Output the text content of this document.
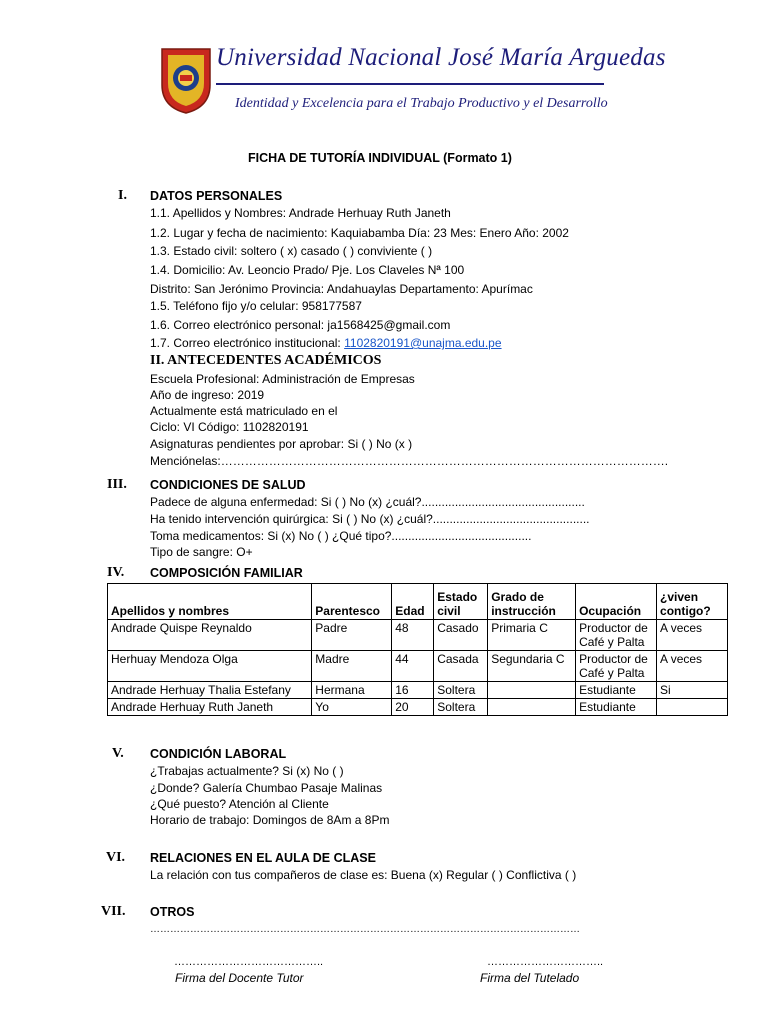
Universidad Nacional José María Arguedas
Identidad y Excelencia para el Trabajo Productivo y el Desarrollo
FICHA DE TUTORÍA INDIVIDUAL (Formato 1)
I. DATOS PERSONALES
1.1. Apellidos y Nombres: Andrade Herhuay Ruth Janeth
1.2. Lugar y fecha de nacimiento: Kaquiabamba Día: 23 Mes: Enero Año: 2002
1.3. Estado civil: soltero ( x) casado ( ) conviviente ( )
1.4. Domicilio: Av. Leoncio Prado/ Pje. Los Claveles Nª 100
Distrito: San Jerónimo Provincia: Andahuaylas Departamento: Apurímac
1.5. Teléfono fijo y/o celular: 958177587
1.6. Correo electrónico personal: ja1568425@gmail.com
1.7. Correo electrónico institucional: 1102820191@unajma.edu.pe
II. ANTECEDENTES ACADÉMICOS
Escuela Profesional: Administración de Empresas
Año de ingreso: 2019
Actualmente está matriculado en el
Ciclo: VI Código: 1102820191
Asignaturas pendientes por aprobar: Si ( ) No (x )
Menciónelas:………………………………………………………………………………………………….
III. CONDICIONES DE SALUD
Padece de alguna enfermedad: Si ( ) No (x) ¿cuál?.................................................
Ha tenido intervención quirúrgica: Si ( ) No (x) ¿cuál?...............................................
Toma medicamentos: Si (x) No ( ) ¿Qué tipo?..........................................
Tipo de sangre: O+
IV. COMPOSICIÓN FAMILIAR
Apellidos y nombres	Parentesco	Edad	Estado civil	Grado de instrucción	Ocupación	¿viven contigo?
Andrade Quispe Reynaldo	Padre	48	Casado	Primaria C	Productor de Café y Palta	A veces
Herhuay Mendoza Olga	Madre	44	Casada	Segundaria C	Productor de Café y Palta	A veces
Andrade Herhuay Thalia Estefany	Hermana	16	Soltera		Estudiante	Si
Andrade Herhuay Ruth Janeth	Yo	20	Soltera		Estudiante	
V. CONDICIÓN LABORAL
¿Trabajas actualmente? Si (x) No ( )
¿Donde? Galería Chumbao Pasaje Malinas
¿Qué puesto? Atención al Cliente
Horario de trabajo: Domingos de 8Am a 8Pm
VI. RELACIONES EN EL AULA DE CLASE
La relación con tus compañeros de clase es: Buena (x) Regular ( ) Conflictiva ( )
VII. OTROS
…………………………………………………………………………………………………………………
…………………………………..
Firma del Docente Tutor
…………………………..
Firma del Tutelado
